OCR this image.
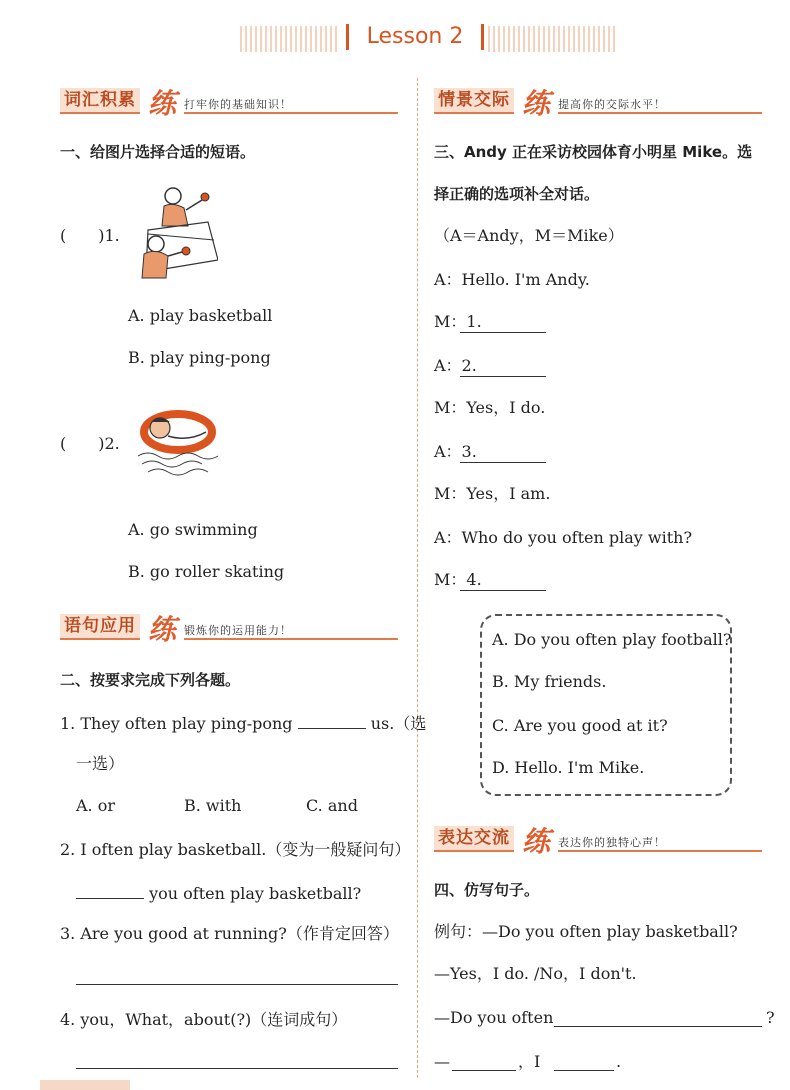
Lesson 2
词汇积累 练 打牢你的基础知识！
一、给图片选择合适的短语。
(　　)1.
A. play basketball
B. play ping-pong
(　　)2.
A. go swimming
B. go roller skating
语句应用 练 锻炼你的运用能力！
二、按要求完成下列各题。
1. They often play ping-pong	us.（选
一选）
A. or	B. with	C. and
2. I often play basketball.（变为一般疑问句）
you often play basketball?
3. Are you good at running?（作肯定回答）
4. you，What，about(?)（连词成句）
情景交际 练 提高你的交际水平！
三、Andy 正在采访校园体育小明星 Mike。选
择正确的选项补全对话。
（A＝Andy，M＝Mike）
A：Hello. I'm Andy.
M：1.
A：2.
M：Yes，I do.
A：3.
M：Yes，I am.
A：Who do you often play with?
M：4.
A. Do you often play football?
B. My friends.
C. Are you good at it?
D. Hello. I'm Mike.
表达交流 练 表达你的独特心声！
四、仿写句子。
例句：—Do you often play basketball?
—Yes，I do. /No，I don't.
—Do you often	?
—	，I	.
